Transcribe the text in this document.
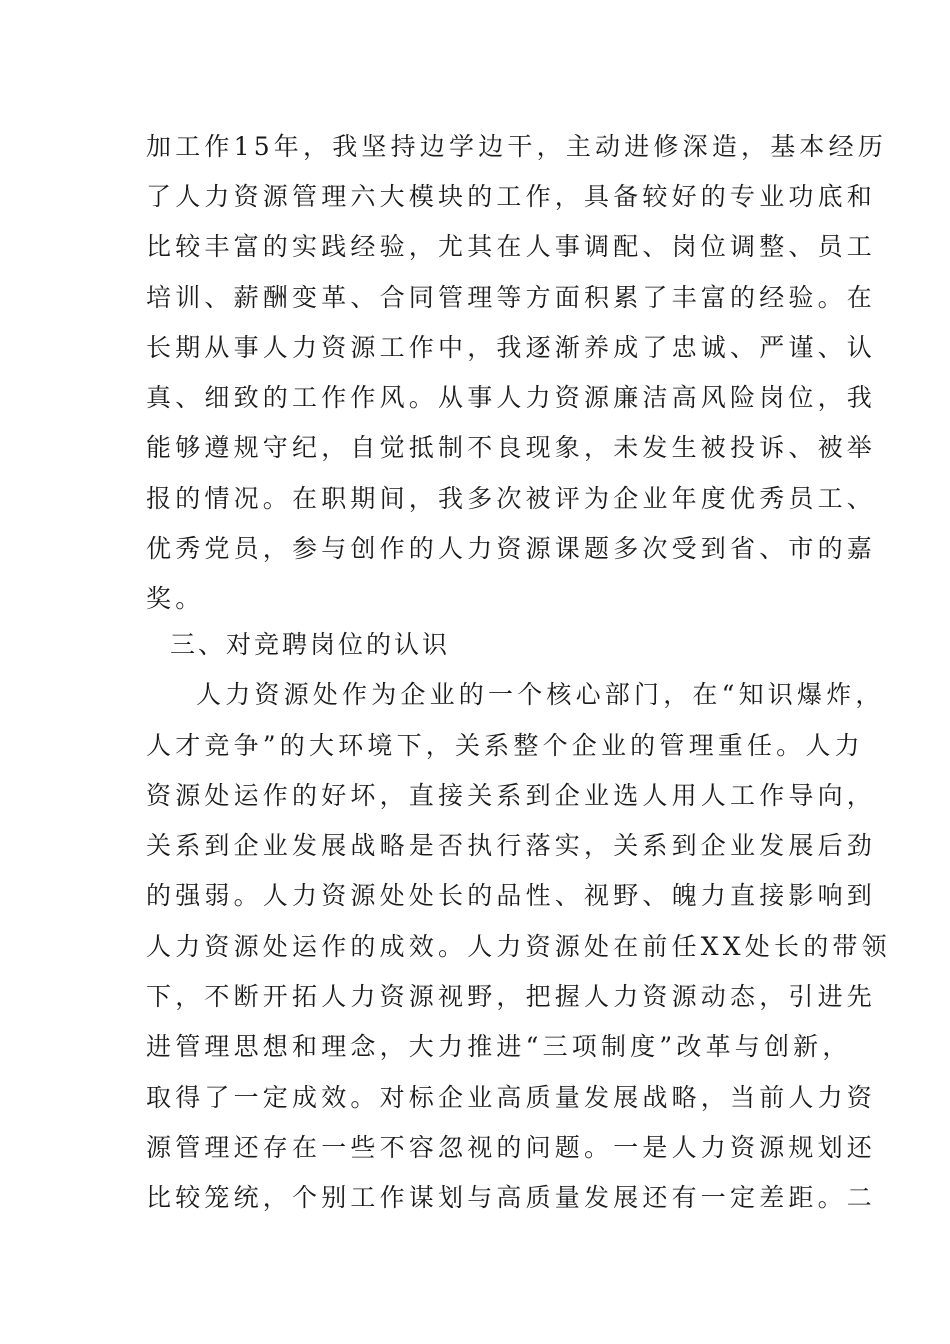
加工作15年，我坚持边学边干，主动进修深造，基本经历
了人力资源管理六大模块的工作，具备较好的专业功底和
比较丰富的实践经验，尤其在人事调配、岗位调整、员工
培训、薪酬变革、合同管理等方面积累了丰富的经验。在
长期从事人力资源工作中，我逐渐养成了忠诚、严谨、认
真、细致的工作作风。从事人力资源廉洁高风险岗位，我
能够遵规守纪，自觉抵制不良现象，未发生被投诉、被举
报的情况。在职期间，我多次被评为企业年度优秀员工、
优秀党员，参与创作的人力资源课题多次受到省、市的嘉
奖。
三、对竞聘岗位的认识
人力资源处作为企业的一个核心部门，在“知识爆炸，
人才竞争”的大环境下，关系整个企业的管理重任。人力
资源处运作的好坏，直接关系到企业选人用人工作导向，
关系到企业发展战略是否执行落实，关系到企业发展后劲
的强弱。人力资源处处长的品性、视野、魄力直接影响到
人力资源处运作的成效。人力资源处在前任XX处长的带领
下，不断开拓人力资源视野，把握人力资源动态，引进先
进管理思想和理念，大力推进“三项制度”改革与创新，
取得了一定成效。对标企业高质量发展战略，当前人力资
源管理还存在一些不容忽视的问题。一是人力资源规划还
比较笼统，个别工作谋划与高质量发展还有一定差距。二
